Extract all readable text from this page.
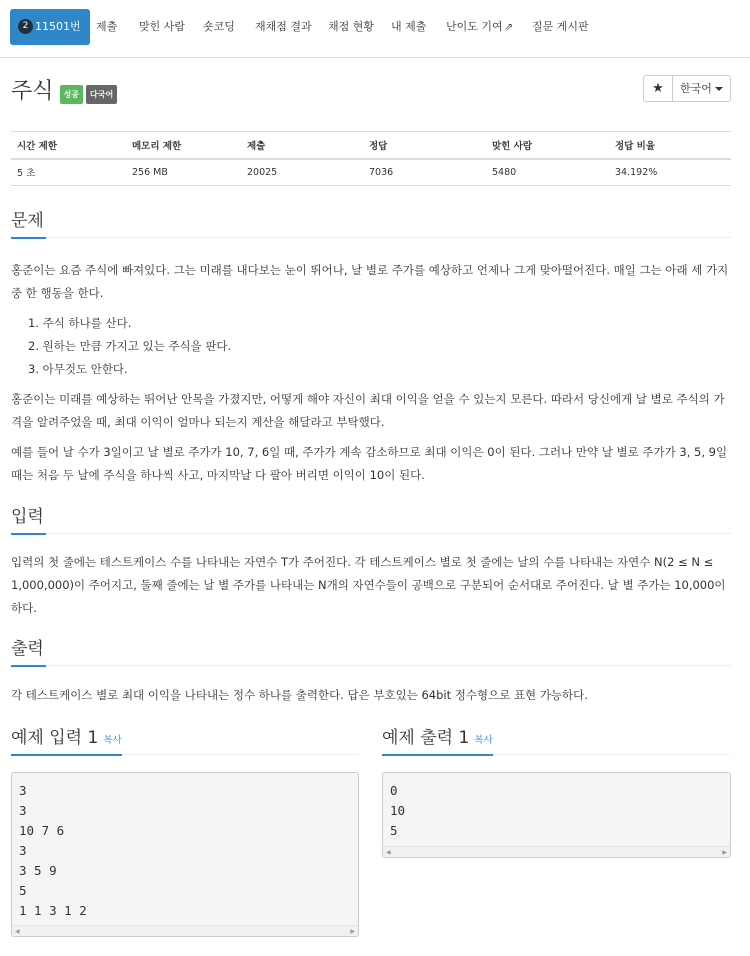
2 11501번	제출 맞힌 사람 숏코딩 재채점 결과 채점 현황 내 제출 난이도 기여 ⇗ 질문 게시판
주식 성공 다국어	★	한국어
시간 제한	메모리 제한	제출	정답	맞힌 사람	정답 비율
5 초	256 MB	20025	7036	5480	34.192%
문제
홍준이는 요즘 주식에 빠져있다. 그는 미래를 내다보는 눈이 뛰어나, 날 별로 주가를 예상하고 언제나 그게 맞아떨어진다. 매일 그는 아래 세 가지 중 한 행동을 한다.
1. 주식 하나를 산다.
2. 원하는 만큼 가지고 있는 주식을 판다.
3. 아무것도 안한다.
홍준이는 미래를 예상하는 뛰어난 안목을 가졌지만, 어떻게 해야 자신이 최대 이익을 얻을 수 있는지 모른다. 따라서 당신에게 날 별로 주식의 가격을 알려주었을 때, 최대 이익이 얼마나 되는지 계산을 해달라고 부탁했다.
예를 들어 날 수가 3일이고 날 별로 주가가 10, 7, 6일 때, 주가가 계속 감소하므로 최대 이익은 0이 된다. 그러나 만약 날 별로 주가가 3, 5, 9일 때는 처음 두 날에 주식을 하나씩 사고, 마지막날 다 팔아 버리면 이익이 10이 된다.
입력
입력의 첫 줄에는 테스트케이스 수를 나타내는 자연수 T가 주어진다. 각 테스트케이스 별로 첫 줄에는 날의 수를 나타내는 자연수 N(2 ≤ N ≤ 1,000,000)이 주어지고, 둘째 줄에는 날 별 주가를 나타내는 N개의 자연수들이 공백으로 구분되어 순서대로 주어진다. 날 별 주가는 10,000이하다.
출력
각 테스트케이스 별로 최대 이익을 나타내는 정수 하나를 출력한다. 답은 부호있는 64bit 정수형으로 표현 가능하다.
예제 입력 1 복사	예제 출력 1 복사
3
3
10 7 6
3
3 5 9
5
1 1 3 1 2
◀	▶
0
10
5
◀	▶
